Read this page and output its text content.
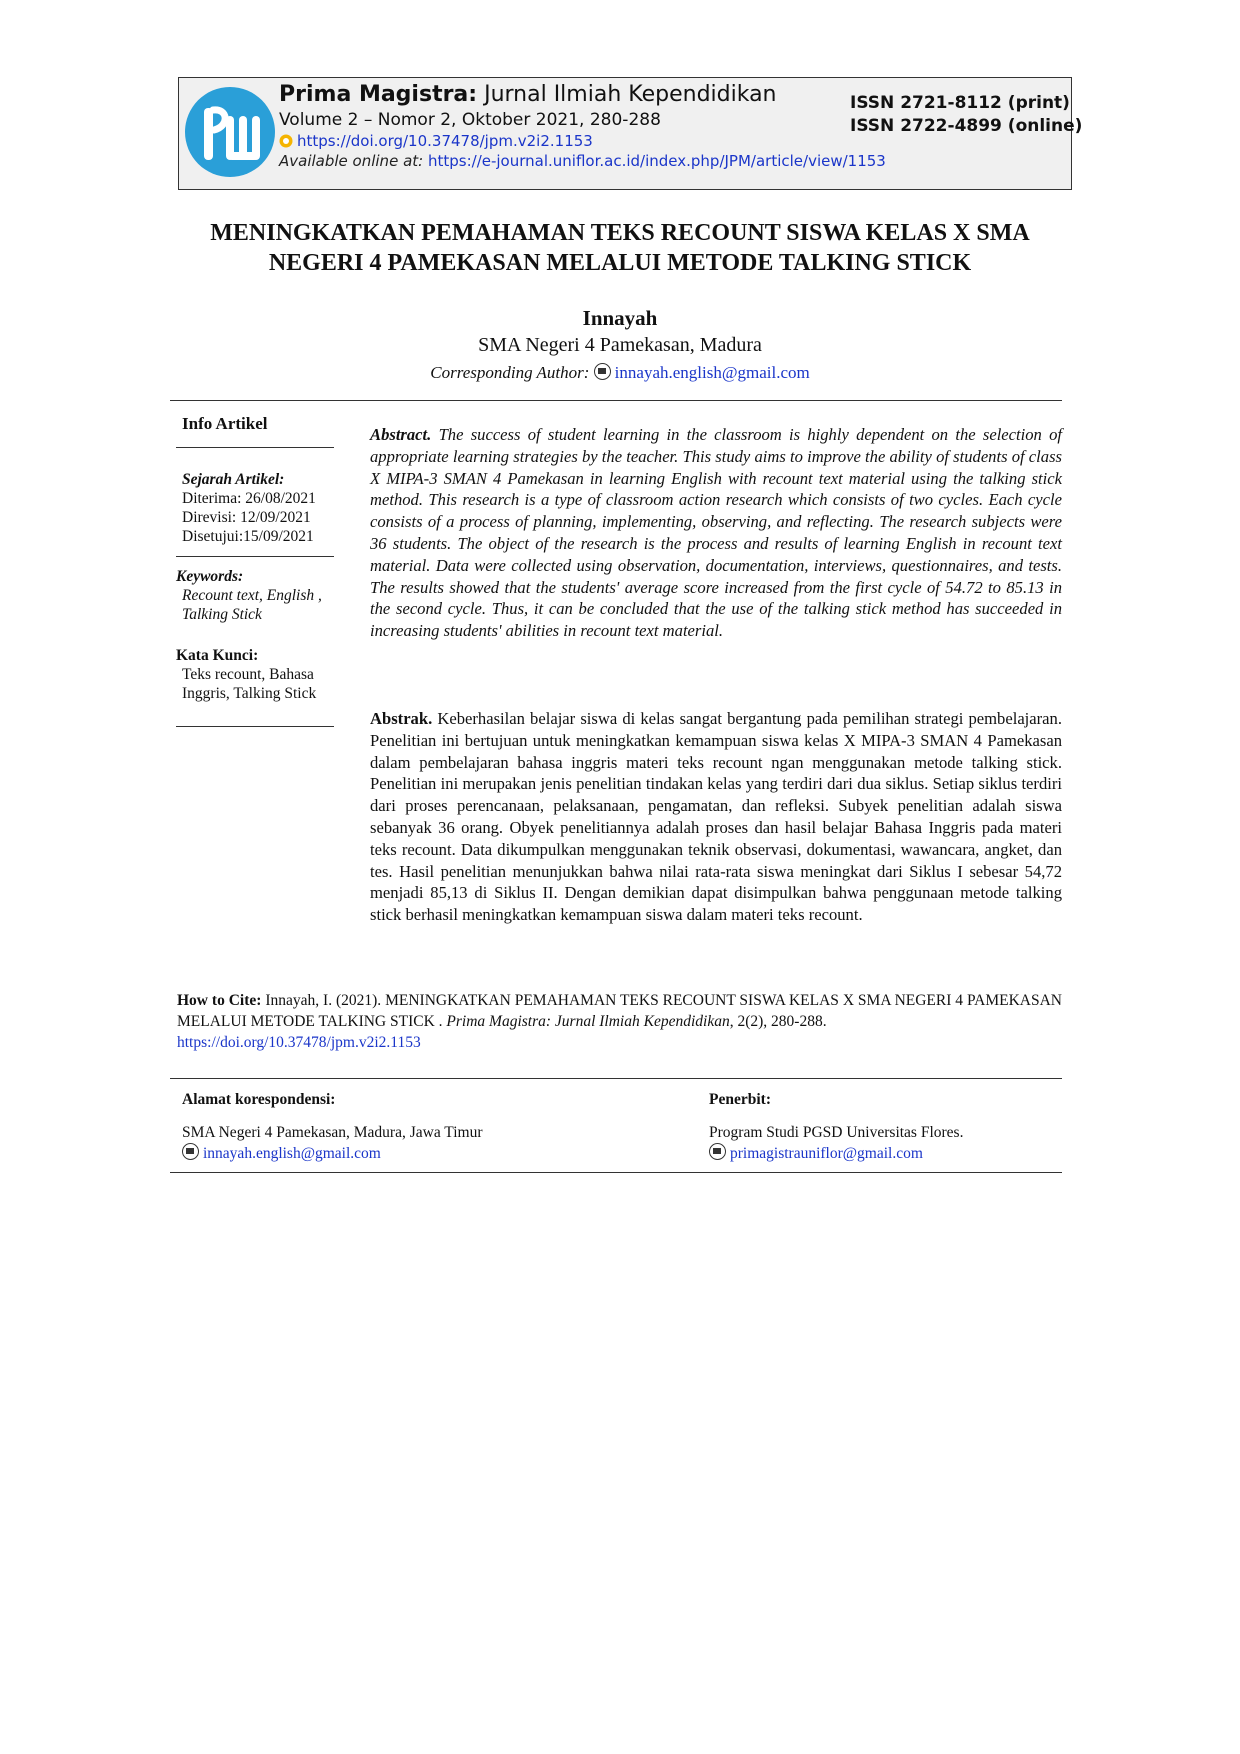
Prima Magistra: Jurnal Ilmiah Kependidikan
Volume 2 – Nomor 2, Oktober 2021, 280-288
https://doi.org/10.37478/jpm.v2i2.1153
Available online at: https://e-journal.uniflor.ac.id/index.php/JPM/article/view/1153
ISSN 2721-8112 (print)
ISSN 2722-4899 (online)
MENINGKATKAN PEMAHAMAN TEKS RECOUNT SISWA KELAS X SMA
NEGERI 4 PAMEKASAN MELALUI METODE TALKING STICK
Innayah
SMA Negeri 4 Pamekasan, Madura
Corresponding Author: innayah.english@gmail.com
Info Artikel
Sejarah Artikel:
Diterima: 26/08/2021
Direvisi: 12/09/2021
Disetujui:15/09/2021
Keywords:
Recount text, English ,
Talking Stick
Kata Kunci:
Teks recount, Bahasa
Inggris, Talking Stick
Abstract. The success of student learning in the classroom is highly dependent on the selection of appropriate learning strategies by the teacher. This study aims to improve the ability of students of class X MIPA-3 SMAN 4 Pamekasan in learning English with recount text material using the talking stick method. This research is a type of classroom action research which consists of two cycles. Each cycle consists of a process of planning, implementing, observing, and reflecting. The research subjects were 36 students. The object of the research is the process and results of learning English in recount text material. Data were collected using observation, documentation, interviews, questionnaires, and tests. The results showed that the students' average score increased from the first cycle of 54.72 to 85.13 in the second cycle. Thus, it can be concluded that the use of the talking stick method has succeeded in increasing students' abilities in recount text material.
Abstrak. Keberhasilan belajar siswa di kelas sangat bergantung pada pemilihan strategi pembelajaran. Penelitian ini bertujuan untuk meningkatkan kemampuan siswa kelas X MIPA-3 SMAN 4 Pamekasan dalam pembelajaran bahasa inggris materi teks recount ngan menggunakan metode talking stick. Penelitian ini merupakan jenis penelitian tindakan kelas yang terdiri dari dua siklus. Setiap siklus terdiri dari proses perencanaan, pelaksanaan, pengamatan, dan refleksi. Subyek penelitian adalah siswa sebanyak 36 orang. Obyek penelitiannya adalah proses dan hasil belajar Bahasa Inggris pada materi teks recount. Data dikumpulkan menggunakan teknik observasi, dokumentasi, wawancara, angket, dan tes. Hasil penelitian menunjukkan bahwa nilai rata-rata siswa meningkat dari Siklus I sebesar 54,72 menjadi 85,13 di Siklus II. Dengan demikian dapat disimpulkan bahwa penggunaan metode talking stick berhasil meningkatkan kemampuan siswa dalam materi teks recount.
How to Cite: Innayah, I. (2021). MENINGKATKAN PEMAHAMAN TEKS RECOUNT SISWA KELAS X SMA NEGERI 4 PAMEKASAN MELALUI METODE TALKING STICK . Prima Magistra: Jurnal Ilmiah Kependidikan, 2(2), 280-288.
https://doi.org/10.37478/jpm.v2i2.1153
Alamat korespondensi:
SMA Negeri 4 Pamekasan, Madura, Jawa Timur
innayah.english@gmail.com
Penerbit:
Program Studi PGSD Universitas Flores.
primagistrauniflor@gmail.com
